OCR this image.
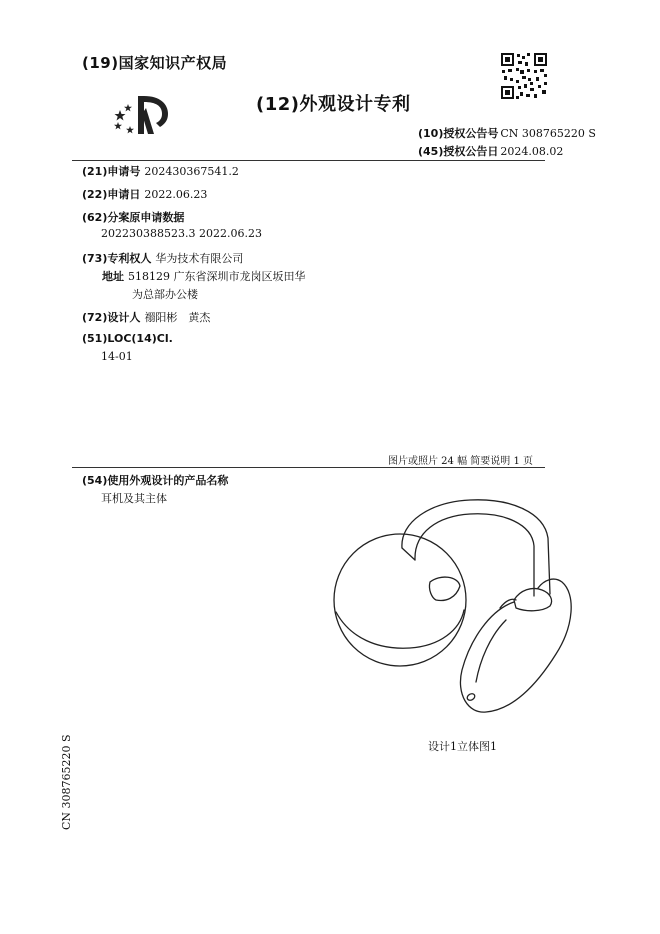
(19)国家知识产权局
(12)外观设计专利
(10)授权公告号 CN 308765220 S
(45)授权公告日 2024.08.02
(21)申请号 202430367541.2
(22)申请日 2022.06.23
(62)分案原申请数据
202230388523.3 2022.06.23
(73)专利权人 华为技术有限公司
地址 518129 广东省深圳市龙岗区坂田华
为总部办公楼
(72)设计人 禤阳彬　黄杰
(51)LOC(14)Cl.
14-01
图片或照片 24 幅 简要说明 1 页
(54)使用外观设计的产品名称
耳机及其主体
设计1立体图1
CN 308765220 S
